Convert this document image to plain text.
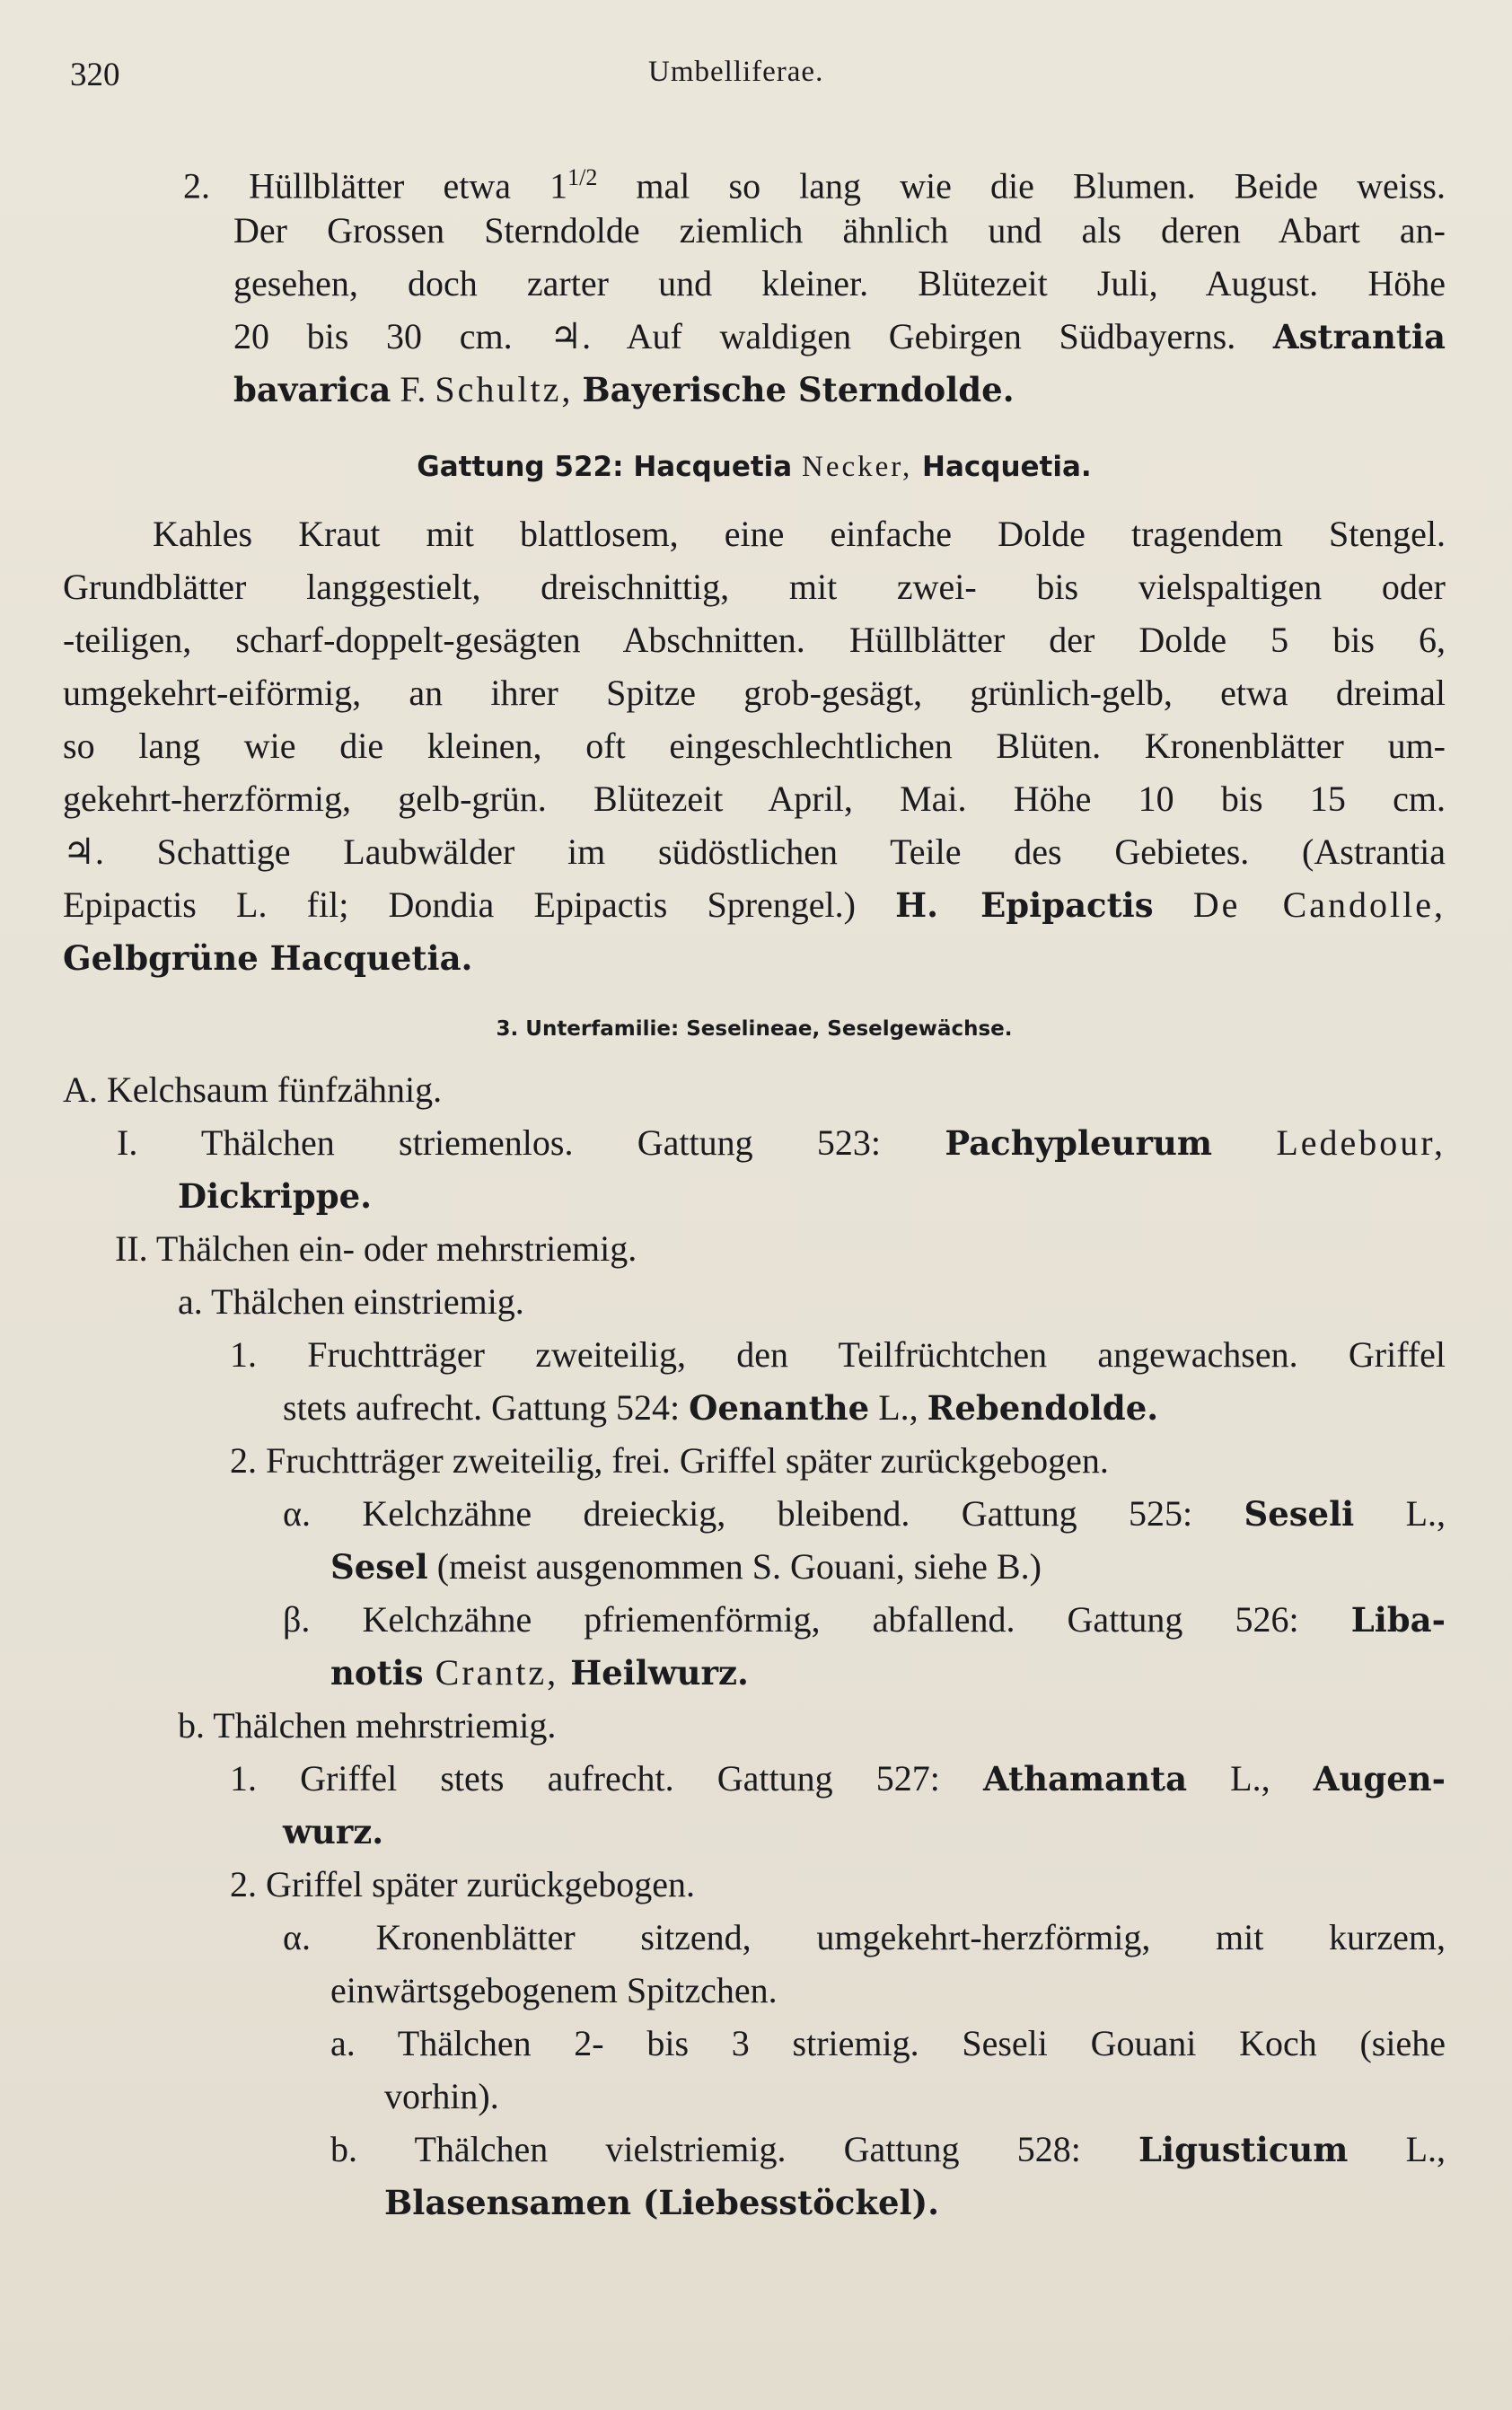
320	Umbelliferae.
2. Hüllblätter etwa $1^{1/2}$ mal so lang wie die Blumen. Beide weiss.
Der Grossen Sterndolde ziemlich ähnlich und als deren Abart an-
gesehen, doch zarter und kleiner. Blütezeit Juli, August. Höhe
20 bis 30 cm. ♃. Auf waldigen Gebirgen Südbayerns. Astrantia
bavarica F. Schultz, Bayerische Sterndolde.
Gattung 522: Hacquetia Necker, Hacquetia.
Kahles Kraut mit blattlosem, eine einfache Dolde tragendem Stengel.
Grundblätter langgestielt, dreischnittig, mit zwei- bis vielspaltigen oder
-teiligen, scharf-doppelt-gesägten Abschnitten. Hüllblätter der Dolde 5 bis 6,
umgekehrt-eiförmig, an ihrer Spitze grob-gesägt, grünlich-gelb, etwa dreimal
so lang wie die kleinen, oft eingeschlechtlichen Blüten. Kronenblätter um-
gekehrt-herzförmig, gelb-grün. Blütezeit April, Mai. Höhe 10 bis 15 cm.
♃. Schattige Laubwälder im südöstlichen Teile des Gebietes. (Astrantia
Epipactis L. fil; Dondia Epipactis Sprengel.) H. Epipactis De Candolle,
Gelbgrüne Hacquetia.
3. Unterfamilie: Seselineae, Seselgewächse.
A. Kelchsaum fünfzähnig.
I. Thälchen striemenlos. Gattung 523: Pachypleurum Ledebour,
Dickrippe.
II. Thälchen ein- oder mehrstriemig.
a. Thälchen einstriemig.
1. Fruchtträger zweiteilig, den Teilfrüchtchen angewachsen. Griffel
stets aufrecht. Gattung 524: Oenanthe L., Rebendolde.
2. Fruchtträger zweiteilig, frei. Griffel später zurückgebogen.
α. Kelchzähne dreieckig, bleibend. Gattung 525: Seseli L.,
Sesel (meist ausgenommen S. Gouani, siehe B.)
β. Kelchzähne pfriemenförmig, abfallend. Gattung 526: Liba-
notis Crantz, Heilwurz.
b. Thälchen mehrstriemig.
1. Griffel stets aufrecht. Gattung 527: Athamanta L., Augen-
wurz.
2. Griffel später zurückgebogen.
α. Kronenblätter sitzend, umgekehrt-herzförmig, mit kurzem,
einwärtsgebogenem Spitzchen.
a. Thälchen 2- bis 3 striemig. Seseli Gouani Koch (siehe
vorhin).
b. Thälchen vielstriemig. Gattung 528: Ligusticum L.,
Blasensamen (Liebesstöckel).
